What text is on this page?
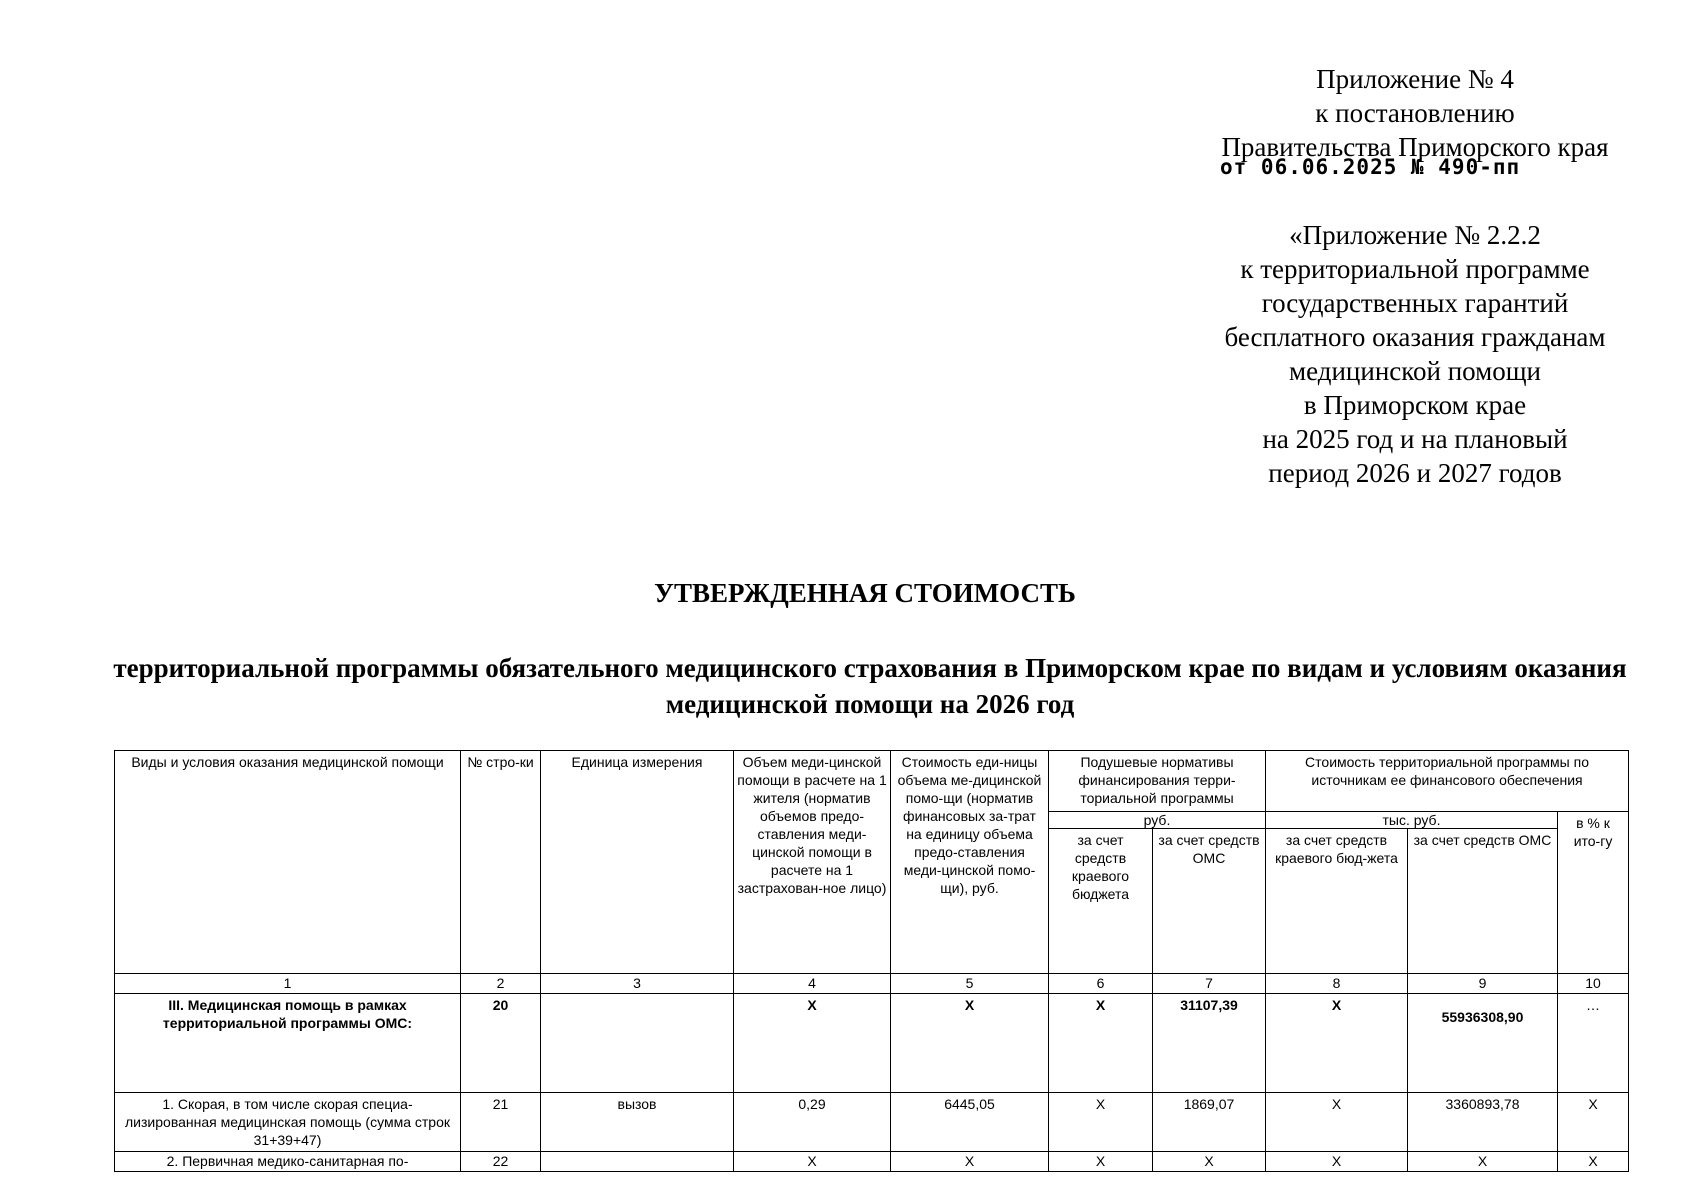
Приложение № 4
к постановлению
Правительства Приморского края
от 06.06.2025 № 490-пп
«Приложение № 2.2.2
к территориальной программе
государственных гарантий
бесплатного оказания гражданам
медицинской помощи
в Приморском крае
на 2025 год и на плановый
период 2026 и 2027 годов
УТВЕРЖДЕННАЯ СТОИМОСТЬ
территориальной программы обязательного медицинского страхования в Приморском крае по видам и условиям оказания медицинской помощи на 2026 год
Виды и условия оказания медицинской помощи	№ стро-ки	Единица измерения	Объем меди-цинской помощи в расчете на 1 жителя (норматив объемов предо-ставления меди-цинской помощи в расчете на 1 застрахован-ное лицо)	Стоимость еди-ницы объема ме-дицинской помо-щи (норматив финансовых за-трат на единицу объема предо-ставления меди-цинской помо-щи), руб.	Подушевые нормативы финансирования терри-ториальной программы		Стоимость территориальной программы по источникам ее финансового обеспечения		
					руб.		тыс. руб.		в % к ито-гу
					за счет средств краевого бюджета	за счет средств ОМС	за счет средств краевого бюд-жета	за счет средств ОМС	
1	2	3	4	5	6	7	8	9	10
III. Медицинская помощь в рамках территориальной программы ОМС:	20		Х	Х	Х	31107,39	Х	55936308,90	…
1. Скорая, в том числе скорая специа-лизированная медицинская помощь (сумма строк 31+39+47)	21	вызов	0,29	6445,05	Х	1869,07	Х	3360893,78	Х
2. Первичная медико-санитарная по-	22		Х	Х	Х	Х	Х	Х	Х
